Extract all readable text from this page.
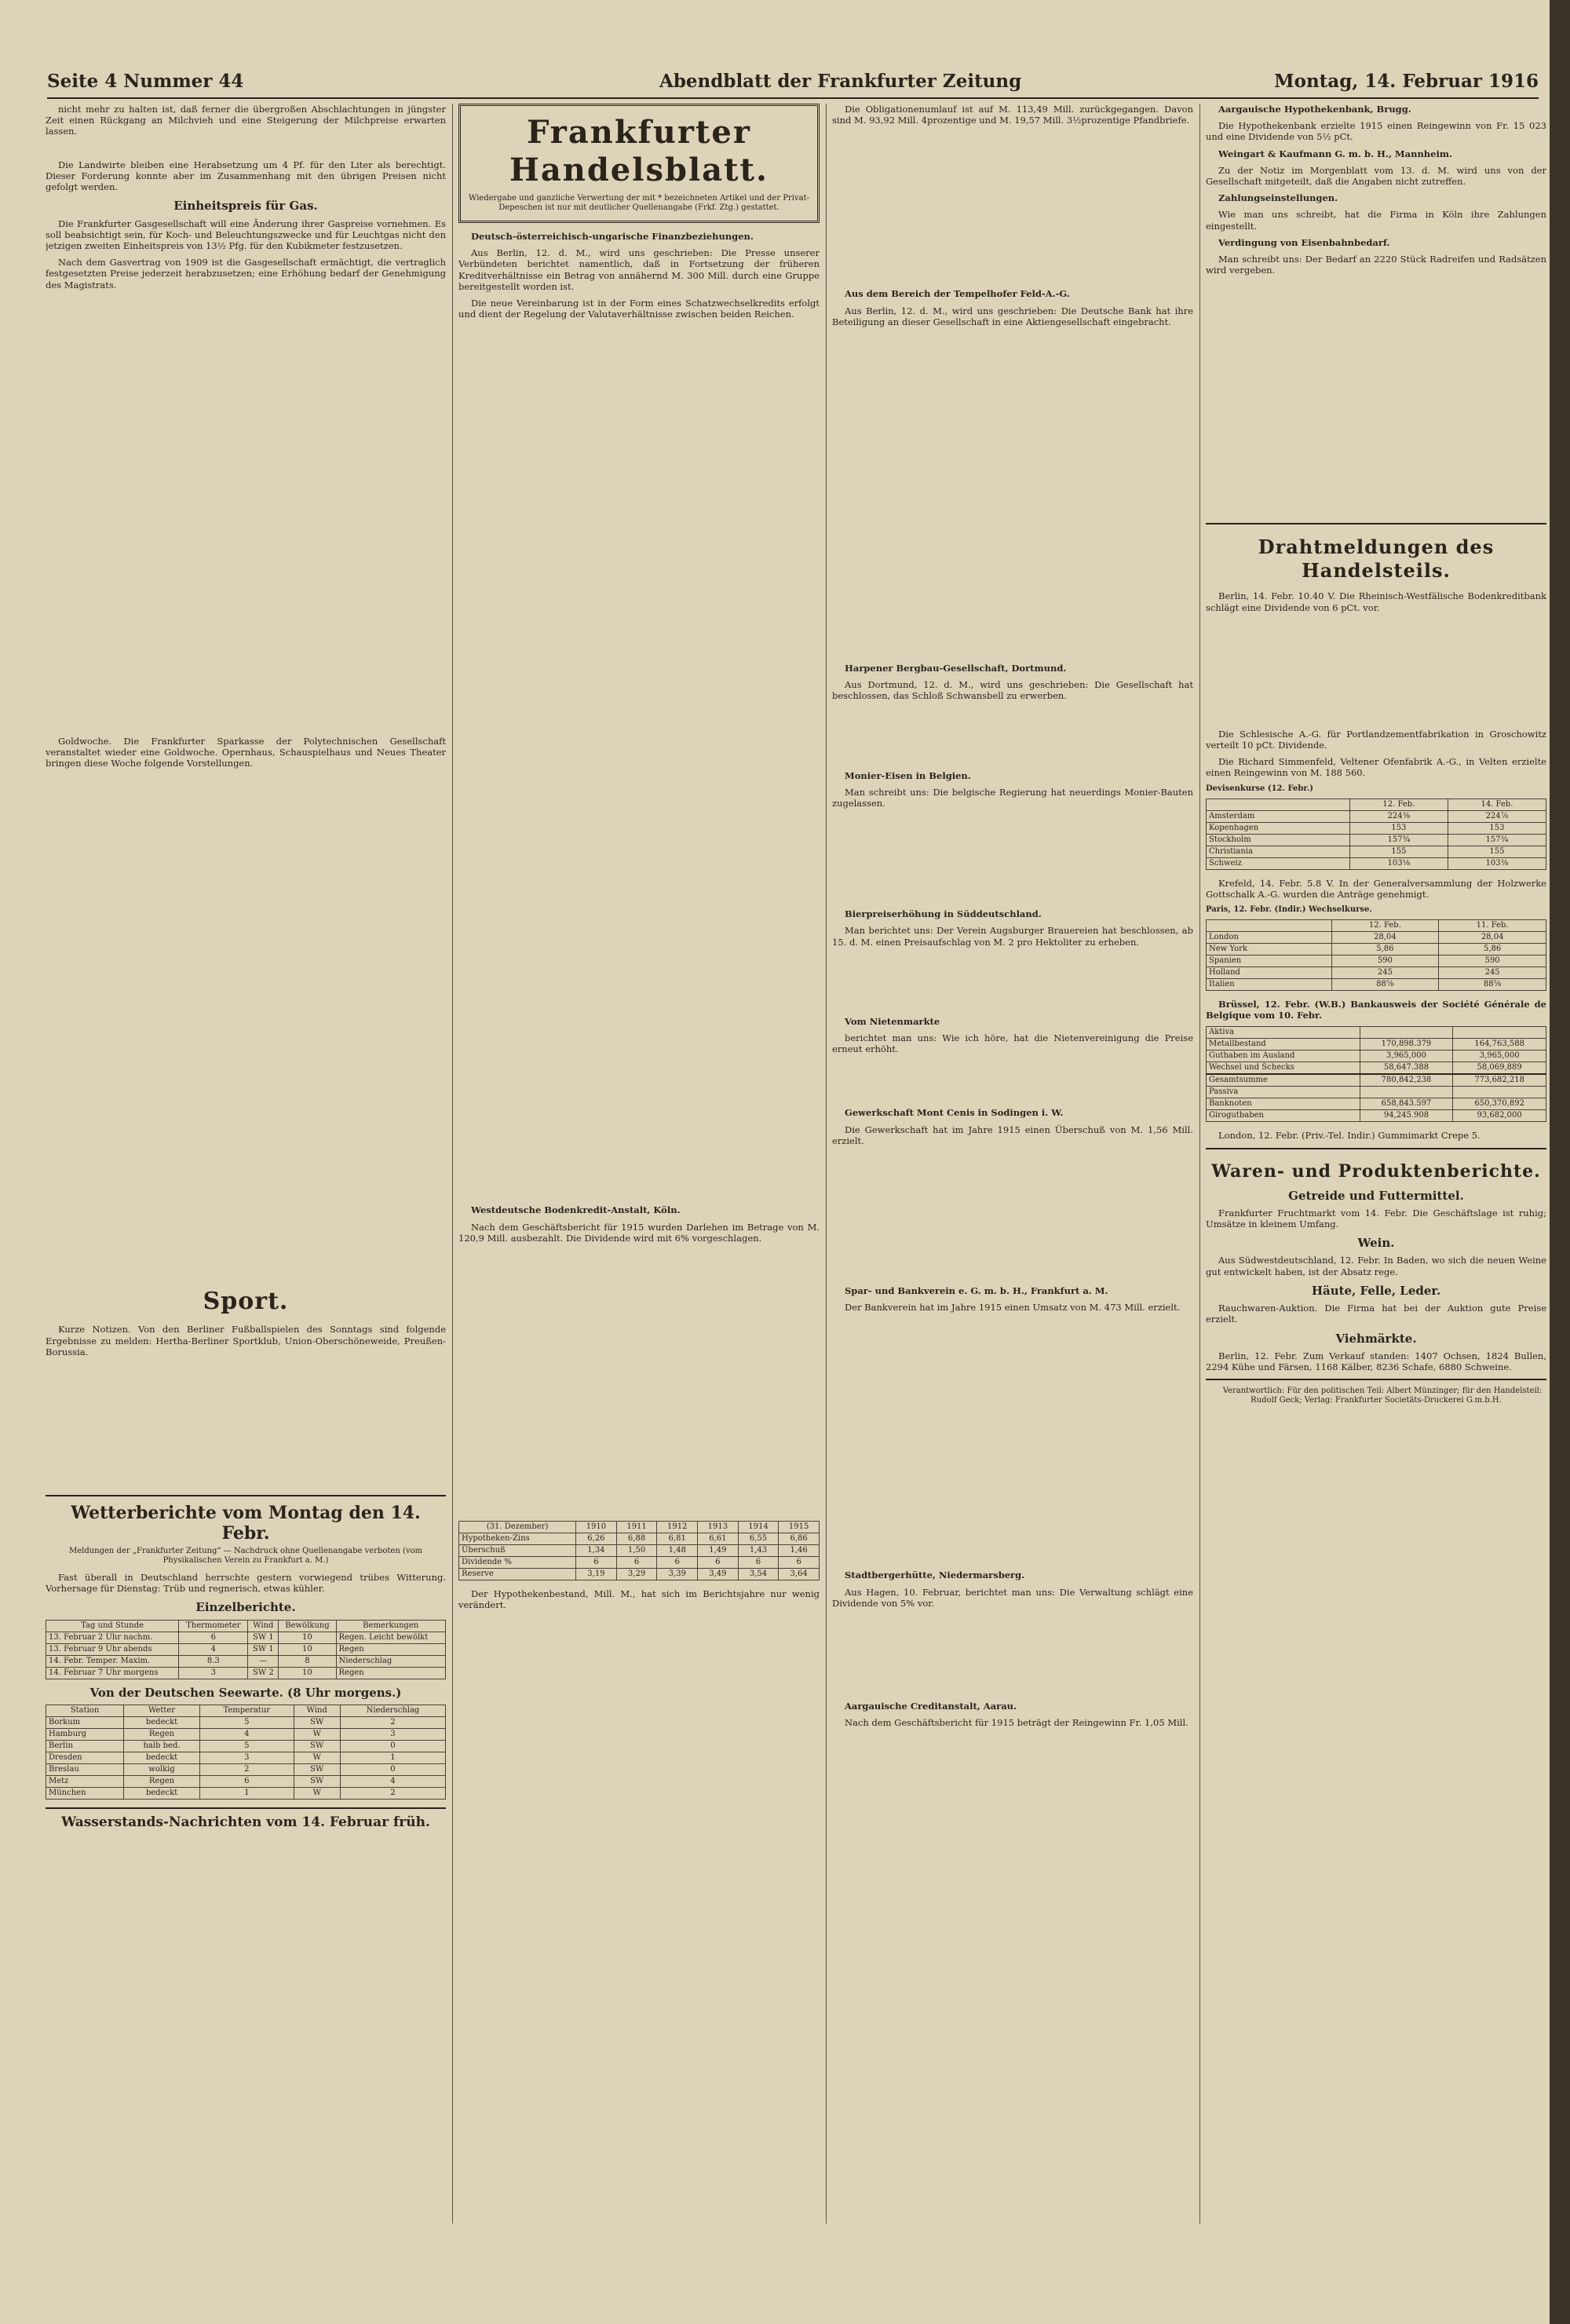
Seite 4 Nummer 44	Abendblatt der Frankfurter Zeitung	Montag, 14. Februar 1916

nicht mehr zu halten ist, daß ferner die übergroßen Abschlachtungen in jüngster Zeit einen Rückgang an Milchvieh und eine Steigerung der Milchpreise erwarten lassen.

Die Landwirte bleiben eine Herabsetzung um 4 Pf. für den Liter als berechtigt. Dieser Forderung konnte aber im Zusammenhang mit den übrigen Preisen nicht gefolgt werden.

Einheitspreis für Gas.

Die Frankfurter Gasgesellschaft will eine Änderung ihrer Gaspreise vornehmen. Es soll beabsichtigt sein, für Koch- und Beleuchtungszwecke und für Leuchtgas nicht den jetzigen zweiten Einheitspreis von 13½ Pfg. für den Kubikmeter festzusetzen.

Nach dem Gasvertrag von 1909 ist die Gasgesellschaft ermächtigt, die vertraglich festgesetzten Preise jederzeit herabzusetzen; eine Erhöhung bedarf der Genehmigung des Magistrats.

Goldwoche. Die Frankfurter Sparkasse der Polytechnischen Gesellschaft veranstaltet wieder eine Goldwoche. Opernhaus, Schauspielhaus und Neues Theater bringen diese Woche folgende Vorstellungen.

Sport.

Kurze Notizen. Von den Berliner Fußballspielen des Sonntags sind folgende Ergebnisse zu melden: Hertha-Berliner Sportklub, Union-Oberschöneweide, Preußen-Borussia.

Wetterberichte vom Montag den 14. Febr.
Meldungen der „Frankfurter Zeitung“ — Nachdruck ohne Quellenangabe verboten (vom Physikalischen Verein zu Frankfurt a. M.)

Fast überall in Deutschland herrschte gestern vorwiegend trübes Witterung. Vorhersage für Dienstag: Trüb und regnerisch, etwas kühler.

Einzelberichte.
Tag und Stunde	Thermometer	Wind	Bewölkung	Bemerkungen
13. Februar 2 Uhr nachm.	6	SW 1	10	Regen. Leicht bewölkt
13. Februar 9 Uhr abends	4	SW 1	10	Regen
14. Febr. Temper. Maxim.	8.3	—	8	Niederschlag
14. Februar 7 Uhr morgens	3	SW 2	10	Regen
Von der Deutschen Seewarte. (8 Uhr morgens.)
Station	Wetter	Temperatur	Wind	Niederschlag
Borkum	bedeckt	5	SW	2
Hamburg	Regen	4	W	3
Berlin	halb bed.	5	SW	0
Dresden	bedeckt	3	W	1
Breslau	wolkig	2	SW	0
Metz	Regen	6	SW	4
München	bedeckt	1	W	2
Wasserstands-Nachrichten vom 14. Februar früh.
Frankfurter Handelsblatt.
Wiedergabe und ganzliche Verwertung der mit * bezeichneten Artikel und der Privat-Depeschen ist nur mit deutlicher Quellenangabe (Frkf. Ztg.) gestattet.

Deutsch-österreichisch-ungarische Finanzbeziehungen.

Aus Berlin, 12. d. M., wird uns geschrieben: Die Presse unserer Verbündeten berichtet namentlich, daß in Fortsetzung der früheren Kreditverhältnisse ein Betrag von annähernd M. 300 Mill. durch eine Gruppe bereitgestellt worden ist.

Die neue Vereinbarung ist in der Form eines Schatzwechselkredits erfolgt und dient der Regelung der Valutaverhältnisse zwischen beiden Reichen.

Westdeutsche Bodenkredit-Anstalt, Köln.

Nach dem Geschäftsbericht für 1915 wurden Darlehen im Betrage von M. 120,9 Mill. ausbezahlt. Die Dividende wird mit 6% vorgeschlagen.

(31. Dezember)	1910	1911	1912	1913	1914	1915
Hypotheken-Zins	6,26	6,88	6,81	6,61	6,55	6,86
Überschuß	1,34	1,50	1,48	1,49	1,43	1,46
Dividende %	6	6	6	6	6	6
Reserve	3,19	3,29	3,39	3,49	3,54	3,64

Der Hypothekenbestand, Mill. M., hat sich im Berichtsjahre nur wenig verändert.

Die Obligationenumlauf ist auf M. 113,49 Mill. zurückgegangen. Davon sind M. 93,92 Mill. 4prozentige und M. 19,57 Mill. 3½prozentige Pfandbriefe.

Aus dem Bereich der Tempelhofer Feld-A.-G.

Aus Berlin, 12. d. M., wird uns geschrieben: Die Deutsche Bank hat ihre Beteiligung an dieser Gesellschaft in eine Aktiengesellschaft eingebracht.

Harpener Bergbau-Gesellschaft, Dortmund.

Aus Dortmund, 12. d. M., wird uns geschrieben: Die Gesellschaft hat beschlossen, das Schloß Schwansbell zu erwerben.

Monier-Eisen in Belgien.

Man schreibt uns: Die belgische Regierung hat neuerdings Monier-Bauten zugelassen.

Bierpreiserhöhung in Süddeutschland.

Man berichtet uns: Der Verein Augsburger Brauereien hat beschlossen, ab 15. d. M. einen Preisaufschlag von M. 2 pro Hektoliter zu erheben.

Vom Nietenmarkte

berichtet man uns: Wie ich höre, hat die Nietenvereinigung die Preise erneut erhöht.

Gewerkschaft Mont Cenis in Sodingen i. W.

Die Gewerkschaft hat im Jahre 1915 einen Überschuß von M. 1,56 Mill. erzielt.

Spar- und Bankverein e. G. m. b. H., Frankfurt a. M.

Der Bankverein hat im Jahre 1915 einen Umsatz von M. 473 Mill. erzielt.

Stadtbergerhütte, Niedermarsberg.

Aus Hagen, 10. Februar, berichtet man uns: Die Verwaltung schlägt eine Dividende von 5% vor.

Aargauische Creditanstalt, Aarau.

Nach dem Geschäftsbericht für 1915 beträgt der Reingewinn Fr. 1,05 Mill.

Aargauische Hypothekenbank, Brugg.

Die Hypothekenbank erzielte 1915 einen Reingewinn von Fr. 15 023 und eine Dividende von 5½ pCt.

Weingart & Kaufmann G. m. b. H., Mannheim.

Zu der Notiz im Morgenblatt vom 13. d. M. wird uns von der Gesellschaft mitgeteilt, daß die Angaben nicht zutreffen.

Zahlungseinstellungen.

Wie man uns schreibt, hat die Firma in Köln ihre Zahlungen eingestellt.

Verdingung von Eisenbahnbedarf.

Man schreibt uns: Der Bedarf an 2220 Stück Radreifen und Radsätzen wird vergeben.

Drahtmeldungen des Handelsteils.

Berlin, 14. Febr. 10.40 V. Die Rheinisch-Westfälische Bodenkreditbank schlägt eine Dividende von 6 pCt. vor.

Die Schlesische A.-G. für Portlandzementfabrikation in Groschowitz verteilt 10 pCt. Dividende.

Die Richard Simmenfeld, Veltener Ofenfabrik A.-G., in Velten erzielte einen Reingewinn von M. 188 560.

Devisenkurse (12. Febr.)
	12. Feb.	14. Feb.
Amsterdam	224⅜	224⅞
Kopenhagen	153	153
Stockholm	157¾	157¾
Christiania	155	155
Schweiz	103⅛	103⅜

Krefeld, 14. Febr. 5.8 V. In der Generalversammlung der Holzwerke Gottschalk A.-G. wurden die Anträge genehmigt.

Paris, 12. Febr. (Indir.) Wechselkurse.
	12. Feb.	11. Feb.
London	28,04	28,04
New York	5,86	5,86
Spanien	590	590
Holland	245	245
Italien	88⅝	88⅝

Brüssel, 12. Febr. (W.B.) Bankausweis der Société Générale de Belgique vom 10. Febr.

Aktiva		
Metallbestand	170,898.379	164,763,588
Guthaben im Ausland	3,965,000	3,965,000
Wechsel und Schecks	58,647.388	58,069,889
Gesamtsumme	780,842,238	773,682,218
Passiva		
Banknoten	658,843.597	650,370,892
Girogutbaben	94,245.908	93,682,000

London, 12. Febr. (Priv.-Tel. Indir.) Gummimarkt Crepe 5.

Waren- und Produktenberichte.
Getreide und Futtermittel.

Frankfurter Fruchtmarkt vom 14. Febr. Die Geschäftslage ist ruhig; Umsätze in kleinem Umfang.

Wein.

Aus Südwestdeutschland, 12. Febr. In Baden, wo sich die neuen Weine gut entwickelt haben, ist der Absatz rege.

Häute, Felle, Leder.

Rauchwaren-Auktion. Die Firma hat bei der Auktion gute Preise erzielt.

Viehmärkte.

Berlin, 12. Febr. Zum Verkauf standen: 1407 Ochsen, 1824 Bullen, 2294 Kühe und Färsen, 1168 Kälber, 8236 Schafe, 6880 Schweine.

Verantwortlich: Für den politischen Teil: Albert Münzinger; für den Handelsteil: Rudolf Geck; Verlag: Frankfurter Societäts-Druckerei G.m.b.H.
